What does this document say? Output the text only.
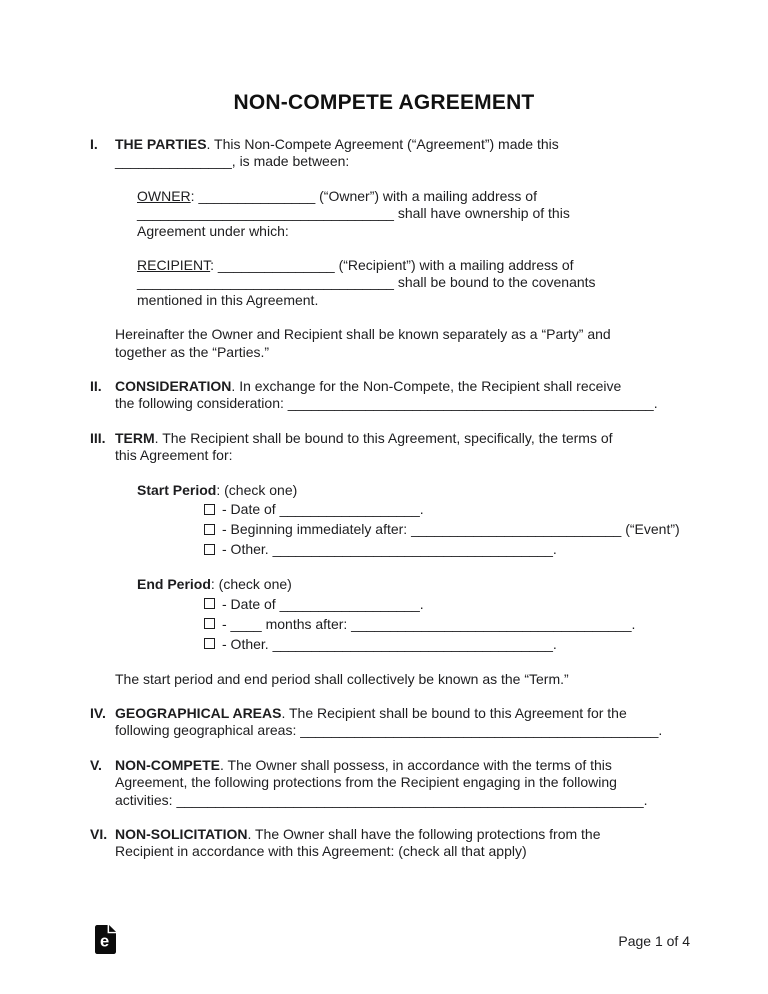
NON-COMPETE AGREEMENT
I.	THE PARTIES. This Non-Compete Agreement (“Agreement”) made this
_______________, is made between:
OWNER: _______________ (“Owner”) with a mailing address of
_________________________________ shall have ownership of this
Agreement under which:
RECIPIENT: _______________ (“Recipient”) with a mailing address of
_________________________________ shall be bound to the covenants
mentioned in this Agreement.
Hereinafter the Owner and Recipient shall be known separately as a “Party” and
together as the “Parties.”
II. CONSIDERATION. In exchange for the Non-Compete, the Recipient shall receive
the following consideration: _______________________________________________.
III. TERM. The Recipient shall be bound to this Agreement, specifically, the terms of
this Agreement for:
Start Period: (check one)
- Date of __________________.
- Beginning immediately after: ___________________________ (“Event”)
- Other. ____________________________________.
End Period: (check one)
- Date of __________________.
- ____ months after: ____________________________________.
- Other. ____________________________________.
The start period and end period shall collectively be known as the “Term.”
IV. GEOGRAPHICAL AREAS. The Recipient shall be bound to this Agreement for the
following geographical areas: ______________________________________________.
V. NON-COMPETE. The Owner shall possess, in accordance with the terms of this
Agreement, the following protections from the Recipient engaging in the following
activities: ____________________________________________________________.
VI. NON-SOLICITATION. The Owner shall have the following protections from the
Recipient in accordance with this Agreement: (check all that apply)
e	Page 1 of 4
